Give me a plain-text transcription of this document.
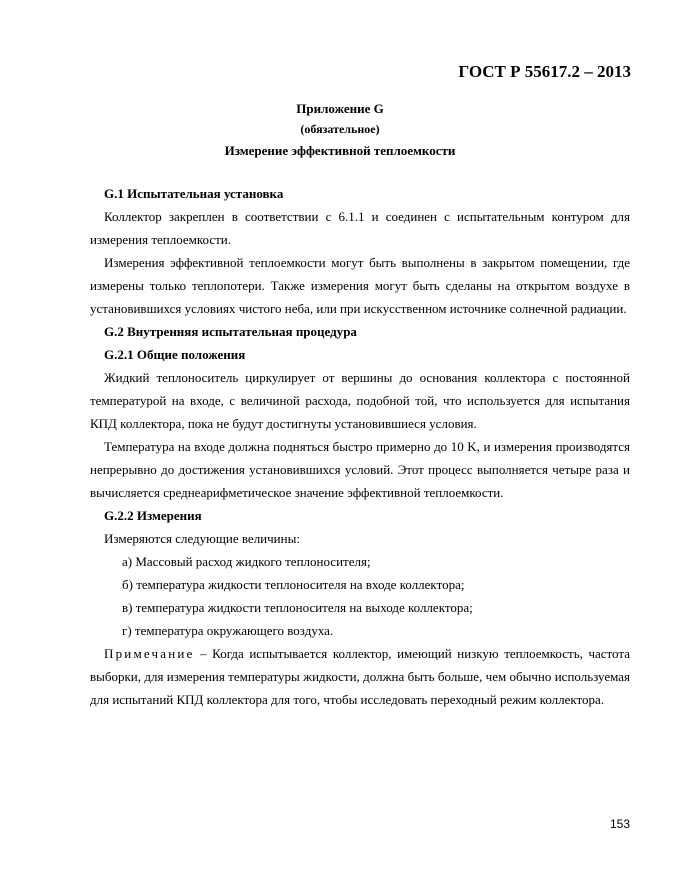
ГОСТ Р 55617.2 – 2013
Приложение G
(обязательное)
Измерение эффективной теплоемкости

G.1 Испытательная установка

Коллектор закреплен в соответствии с 6.1.1 и соединен с испытательным контуром для измерения теплоемкости.

Измерения эффективной теплоемкости могут быть выполнены в закрытом помещении, где измерены только теплопотери. Также измерения могут быть сделаны на открытом воздухе в установившихся условиях чистого неба, или при искусственном источнике солнечной радиации.

G.2 Внутренняя испытательная процедура

G.2.1 Общие положения

Жидкий теплоноситель циркулирует от вершины до основания коллектора с постоянной температурой на входе, с величиной расхода, подобной той, что используется для испытания КПД коллектора, пока не будут достигнуты установившиеся условия.

Температура на входе должна подняться быстро примерно до 10 K, и измерения производятся непрерывно до достижения установившихся условий. Этот процесс выполняется четыре раза и вычисляется среднеарифметическое значение эффективной теплоемкости.

G.2.2 Измерения

Измеряются следующие величины:

а) Массовый расход жидкого теплоносителя;

б) температура жидкости теплоносителя на входе коллектора;

в) температура жидкости теплоносителя на выходе коллектора;

г) температура окружающего воздуха.

Примечание – Когда испытывается коллектор, имеющий низкую теплоемкость, частота выборки, для измерения температуры жидкости, должна быть больше, чем обычно используемая для испытаний КПД коллектора для того, чтобы исследовать переходный режим коллектора.

153
